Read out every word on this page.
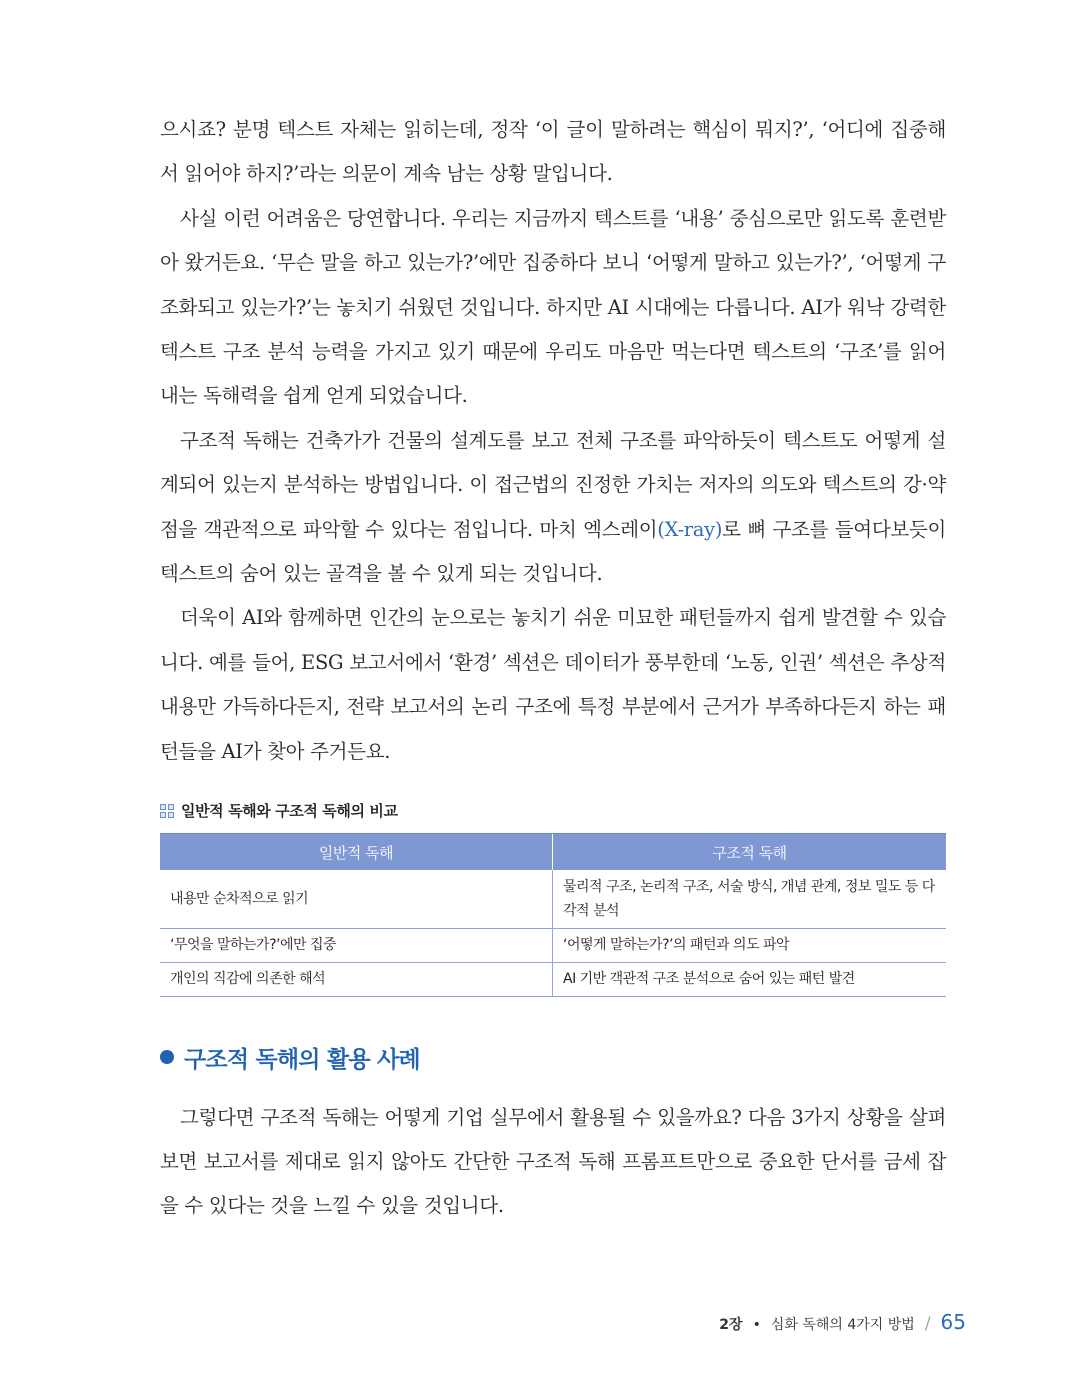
으시죠? 분명 텍스트 자체는 읽히는데, 정작 ‘이 글이 말하려는 핵심이 뭐지?’, ‘어디에 집중해서 읽어야 하지?’라는 의문이 계속 남는 상황 말입니다.

사실 이런 어려움은 당연합니다. 우리는 지금까지 텍스트를 ‘내용’ 중심으로만 읽도록 훈련받아 왔거든요. ‘무슨 말을 하고 있는가?’에만 집중하다 보니 ‘어떻게 말하고 있는가?’, ‘어떻게 구조화되고 있는가?’는 놓치기 쉬웠던 것입니다. 하지만 AI 시대에는 다릅니다. AI가 워낙 강력한 텍스트 구조 분석 능력을 가지고 있기 때문에 우리도 마음만 먹는다면 텍스트의 ‘구조’를 읽어 내는 독해력을 쉽게 얻게 되었습니다.

구조적 독해는 건축가가 건물의 설계도를 보고 전체 구조를 파악하듯이 텍스트도 어떻게 설계되어 있는지 분석하는 방법입니다. 이 접근법의 진정한 가치는 저자의 의도와 텍스트의 강·약점을 객관적으로 파악할 수 있다는 점입니다. 마치 엑스레이(X-ray)로 뼈 구조를 들여다보듯이 텍스트의 숨어 있는 골격을 볼 수 있게 되는 것입니다.

더욱이 AI와 함께하면 인간의 눈으로는 놓치기 쉬운 미묘한 패턴들까지 쉽게 발견할 수 있습니다. 예를 들어, ESG 보고서에서 ‘환경’ 섹션은 데이터가 풍부한데 ‘노동, 인권’ 섹션은 추상적 내용만 가득하다든지, 전략 보고서의 논리 구조에 특정 부분에서 근거가 부족하다든지 하는 패턴들을 AI가 찾아 주거든요.

일반적 독해와 구조적 독해의 비교
일반적 독해	구조적 독해
내용만 순차적으로 읽기	물리적 구조, 논리적 구조, 서술 방식, 개념 관계, 정보 밀도 등 다각적 분석
‘무엇을 말하는가?’에만 집중	‘어떻게 말하는가?’의 패턴과 의도 파악
개인의 직감에 의존한 해석	AI 기반 객관적 구조 분석으로 숨어 있는 패턴 발견
구조적 독해의 활용 사례

그렇다면 구조적 독해는 어떻게 기업 실무에서 활용될 수 있을까요? 다음 3가지 상황을 살펴보면 보고서를 제대로 읽지 않아도 간단한 구조적 독해 프롬프트만으로 중요한 단서를 금세 잡을 수 있다는 것을 느낄 수 있을 것입니다.

2장 • 심화 독해의 4가지 방법 / 65
